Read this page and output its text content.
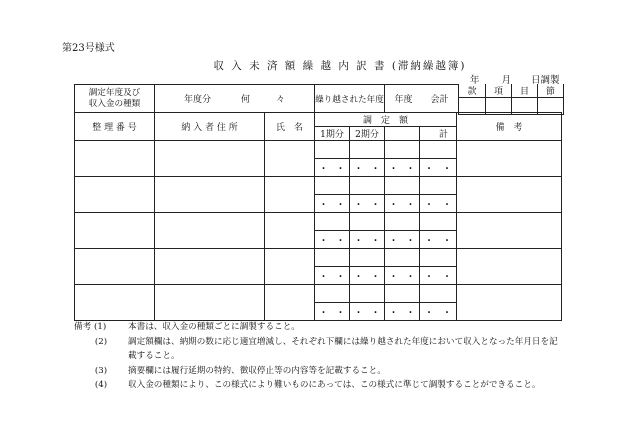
第23号様式
収 入 未 済 額 繰 越 内 訳 書 (滞納繰越簿)
年 月 日調製
調定年度及び
収入金の種類	年度分	何	々	繰り越された年度	年度 会計
款	項	目	節

整 理 番 号	納 入 者 住 所	氏　名	調　定　額				備　考
			1期分	2期分		計	

			・ ・	・ ・	・ ・	・ ・	

			・ ・	・ ・	・ ・	・ ・	

			・ ・	・ ・	・ ・	・ ・	

			・ ・	・ ・	・ ・	・ ・	

			・ ・	・ ・	・ ・	・ ・	
備考 (1)	本書は、収入金の種類ごとに調製すること。
(2)	調定額欄は、納期の数に応じ適宜増減し、それぞれ下欄には繰り越された年度において収入となった年月日を記
載すること。
(3)	摘要欄には履行延期の特約、徴収停止等の内容等を記載すること。
(4)	収入金の種類により、この様式により難いものにあっては、この様式に準じて調製することができること。
